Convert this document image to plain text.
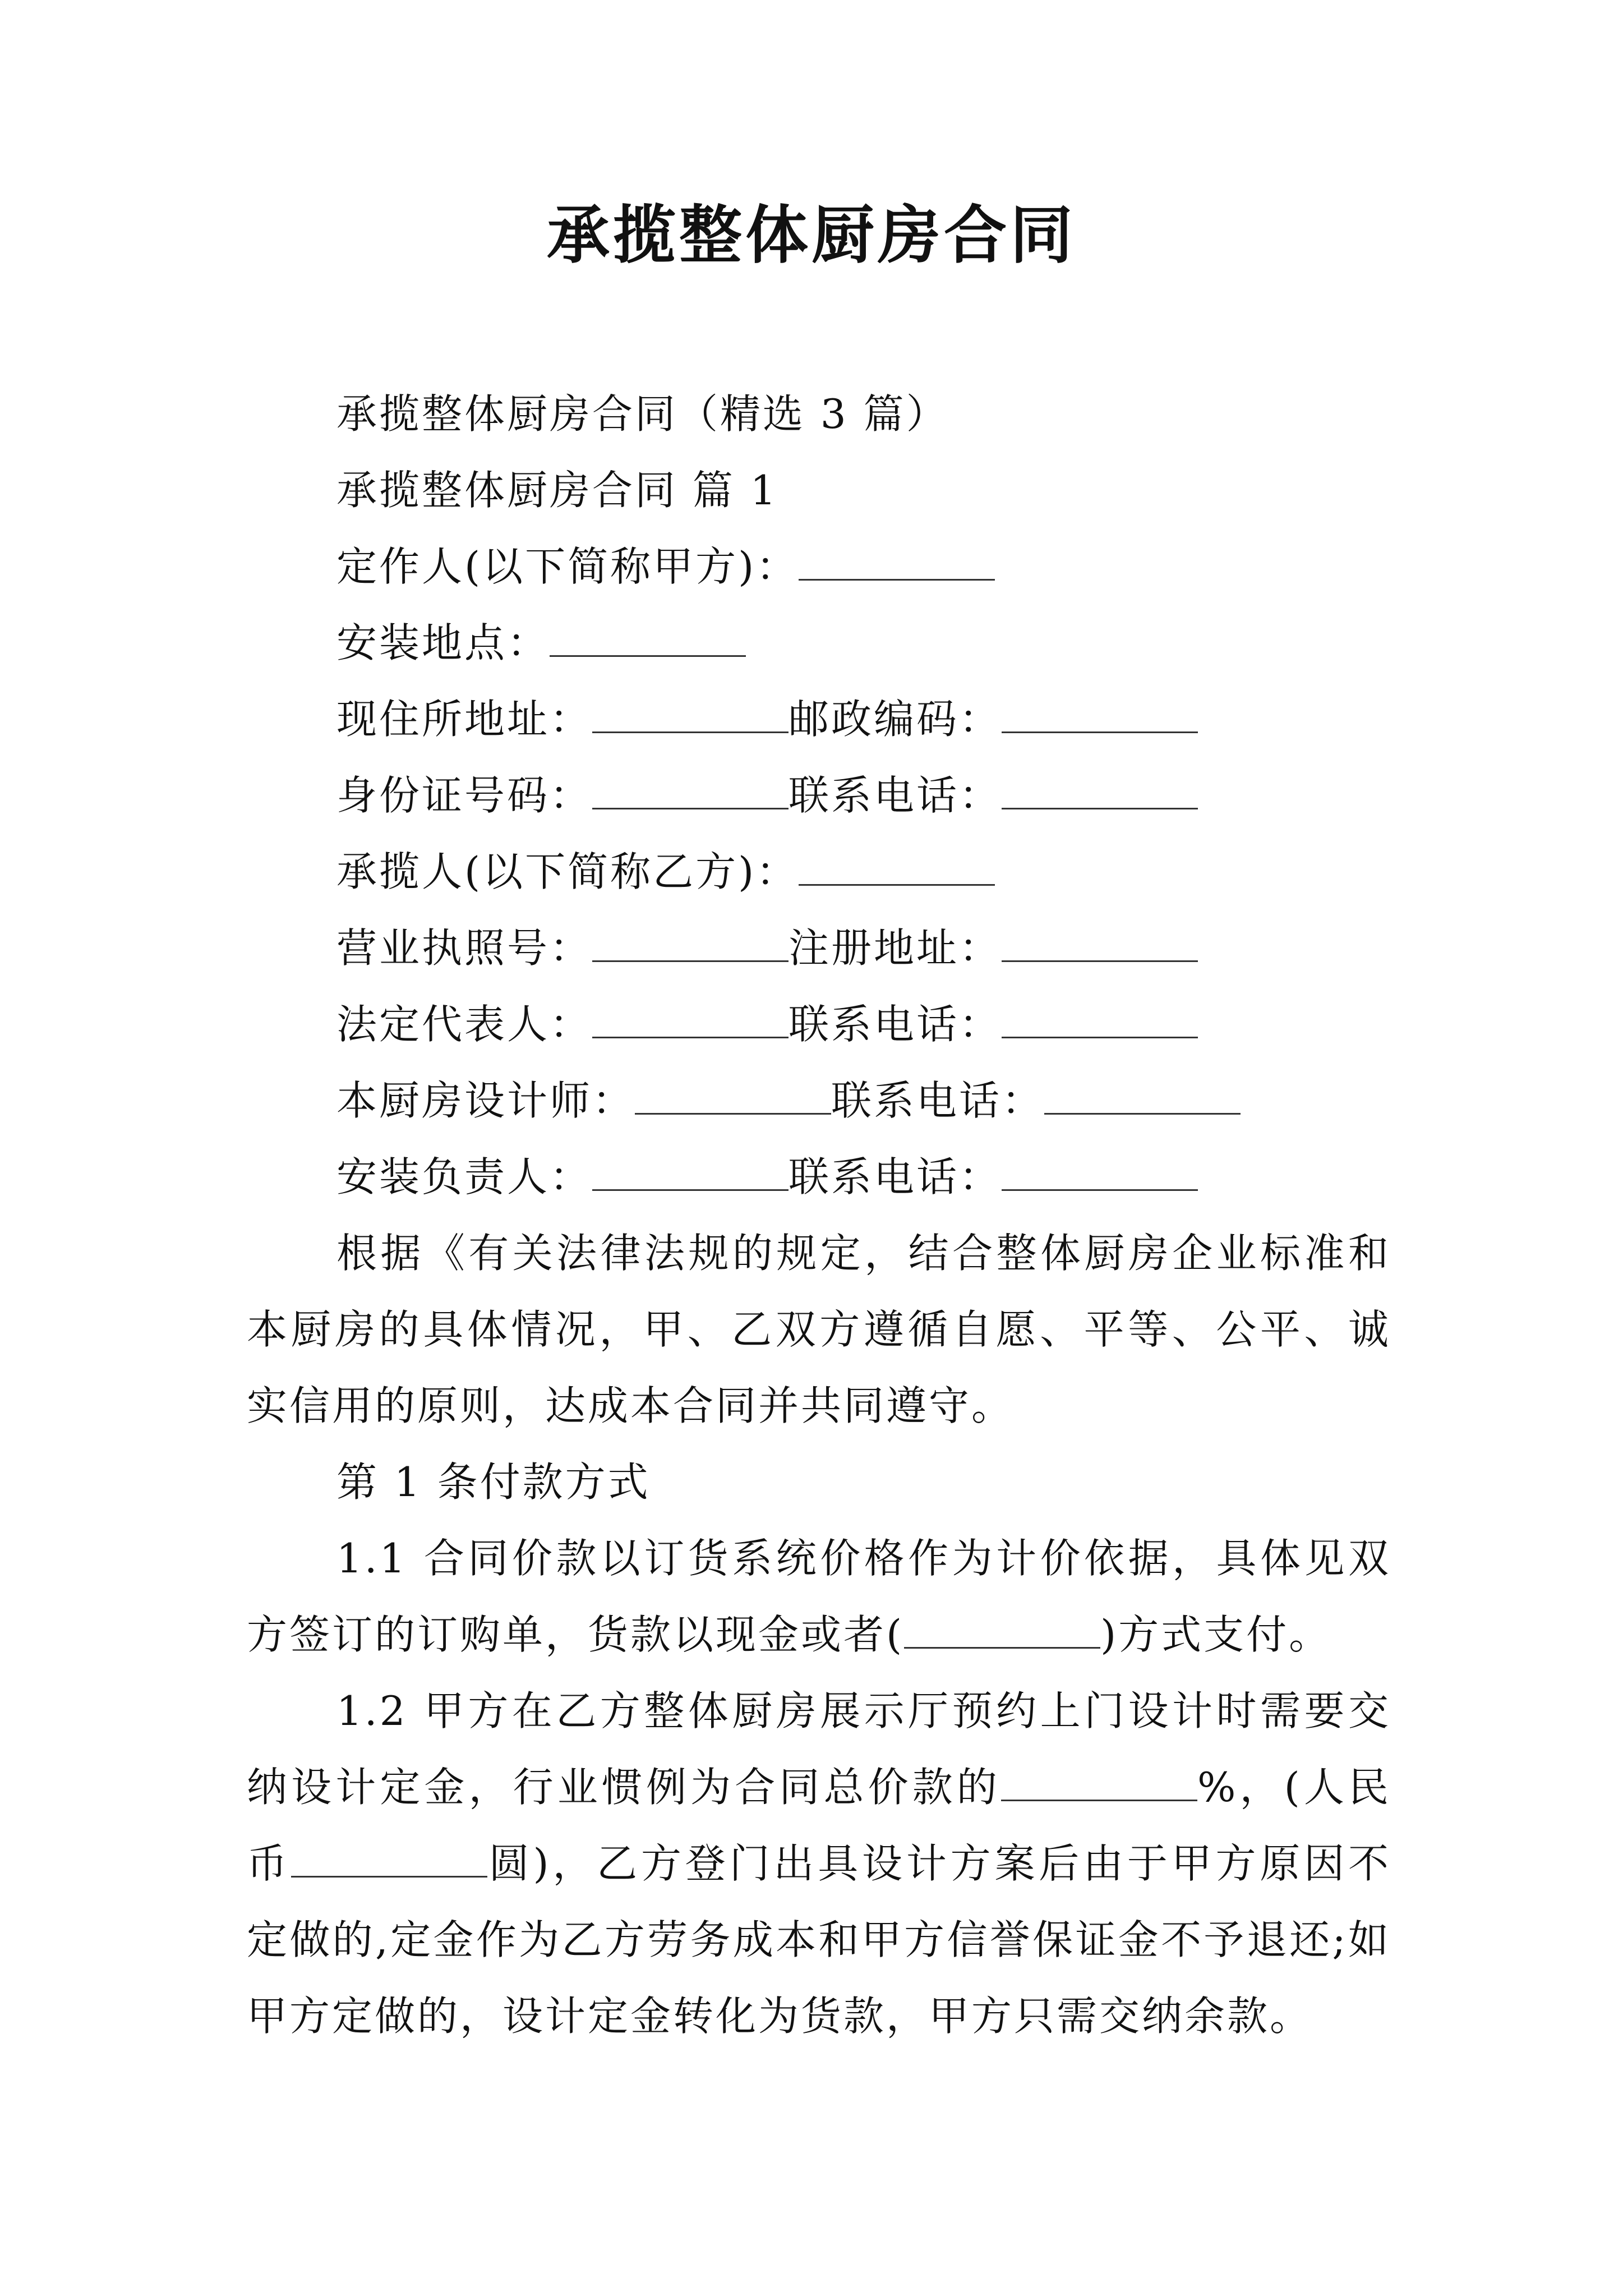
承揽整体厨房合同
承揽整体厨房合同（精选 3 篇）
承揽整体厨房合同 篇 1
定作人(以下简称甲方)：
安装地点：
现住所地址：	邮政编码：
身份证号码：	联系电话：
承揽人(以下简称乙方)：
营业执照号：	注册地址：
法定代表人：	联系电话：
本厨房设计师：	联系电话：
安装负责人：	联系电话：
根据《有关法律法规的规定，结合整体厨房企业标准和本厨房的具体情况，甲、乙双方遵循自愿、平等、公平、诚实信用的原则，达成本合同并共同遵守。
第 1 条付款方式
1.1 合同价款以订货系统价格作为计价依据，具体见双方签订的订购单，货款以现金或者(	)方式支付。
1.2 甲方在乙方整体厨房展示厅预约上门设计时需要交纳设计定金，行业惯例为合同总价款的	%，(人民币	圆)，乙方登门出具设计方案后由于甲方原因不定做的,定金作为乙方劳务成本和甲方信誉保证金不予退还;如甲方定做的，设计定金转化为货款，甲方只需交纳余款。
